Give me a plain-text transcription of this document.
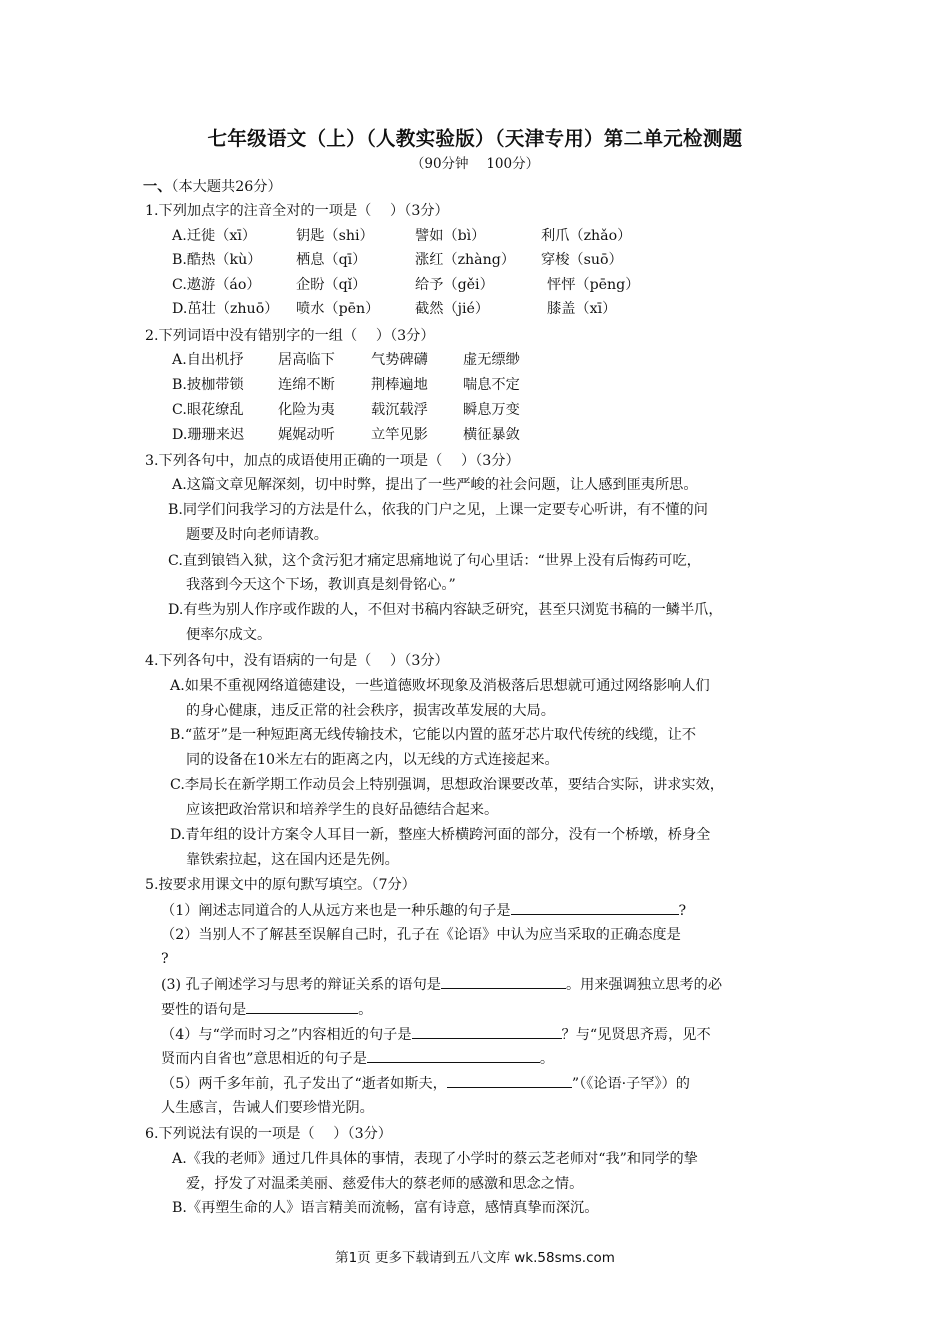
七年级语文（上）（人教实验版）（天津专用）第二单元检测题
（90分钟　 100分）
一、（本大题共26分）
1.下列加点字的注音全对的一项是（　 ）（3分）
A.迁徙（xī）	钥匙（shi）	譬如（bì）	利爪（zhǎo）
B.酷热（kù） 栖息（qī）	涨红（zhàng） 穿梭（suō）
C.遨游（áo） 企盼（qǐ）	给予（gěi）	怦怦（pēng）
D.茁壮（zhuō） 喷水（pēn）	截然（jié）	膝盖（xī）
2.下列词语中没有错别字的一组（　 ）（3分）
A.自出机抒 居高临下	气势碑礴 虚无缥缈
B.披枷带锁 连绵不断	荆棒遍地 喘息不定
C.眼花缭乱 化险为夷	载沉载浮 瞬息万变
D.珊珊来迟 娓娓动听	立竿见影 横征暴敛
3.下列各句中，加点的成语使用正确的一项是（　 ）（3分）
A.这篇文章见解深刻，切中时弊，提出了一些严峻的社会问题，让人感到匪夷所思。
B.同学们问我学习的方法是什么，依我的门户之见，上课一定要专心听讲，有不懂的问
题要及时向老师请教。
C.直到锒铛入狱，这个贪污犯才痛定思痛地说了句心里话：“世界上没有后悔药可吃，
我落到今天这个下场，教训真是刻骨铭心。”
D.有些为别人作序或作跋的人，不但对书稿内容缺乏研究，甚至只浏览书稿的一鳞半爪，
便率尔成文。
4.下列各句中，没有语病的一句是（　 ）（3分）
A.如果不重视网络道德建设，一些道德败坏现象及消极落后思想就可通过网络影响人们
的身心健康，违反正常的社会秩序，损害改革发展的大局。
B.“蓝牙”是一种短距离无线传输技术，它能以内置的蓝牙芯片取代传统的线缆，让不
同的设备在10米左右的距离之内，以无线的方式连接起来。
C.李局长在新学期工作动员会上特别强调，思想政治课要改革，要结合实际，讲求实效，
应该把政治常识和培养学生的良好品德结合起来。
D.青年组的设计方案令人耳目一新，整座大桥横跨河面的部分，没有一个桥墩，桥身全
靠铁索拉起，这在国内还是先例。
5.按要求用课文中的原句默写填空。（7分）
（1）阐述志同道合的人从远方来也是一种乐趣的句子是	?
（2）当别人不了解甚至误解自己时，孔子在《论语》中认为应当采取的正确态度是
?
(3) 孔子阐述学习与思考的辩证关系的语句是	。用来强调独立思考的必
要性的语句是	。
（4）与“学而时习之”内容相近的句子是	？与“见贤思齐焉，见不
贤而内自省也”意思相近的句子是	。
（5）两千多年前，孔子发出了“逝者如斯夫，	”（《论语·子罕》）的
人生感言，告诫人们要珍惜光阴。
6.下列说法有误的一项是（　 ）（3分）
A.《我的老师》通过几件具体的事情，表现了小学时的蔡云芝老师对“我”和同学的挚
爱，抒发了对温柔美丽、慈爱伟大的蔡老师的感激和思念之情。
B.《再塑生命的人》语言精美而流畅，富有诗意，感情真挚而深沉。
第1页 更多下载请到五八文库 wk.58sms.com
